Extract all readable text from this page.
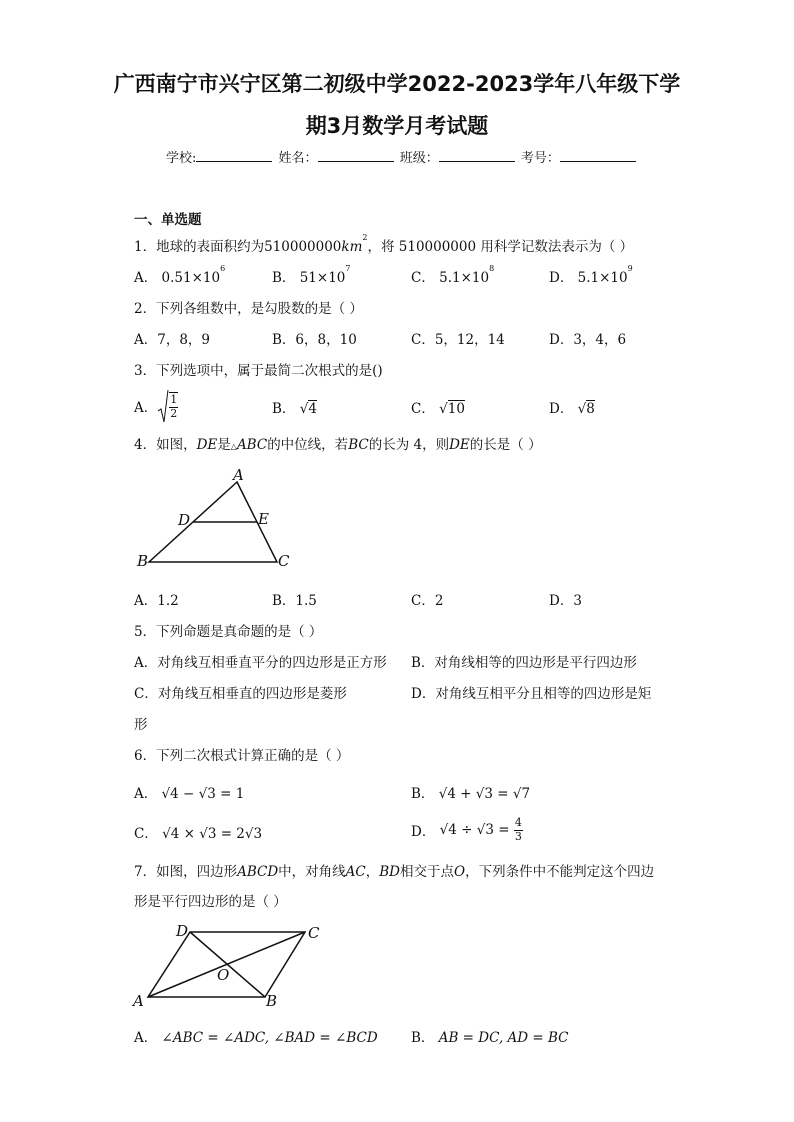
广西南宁市兴宁区第二初级中学2022-2023学年八年级下学
期3月数学月考试题
学校:	姓名：	班级：	考号：
一、单选题
1．地球的表面积约为$510000000km^2$，将 510000000 用科学记数法表示为（ ）
A． $0.51\times 10^6$
B． $51\times 10^7$
C． $5.1\times 10^8$
D． $5.1\times 10^9$
2．下列各组数中，是勾股数的是（ ）
A．7，8，9	B．6，8，10	C．5，12，14	D．3，4，6
3．下列选项中，属于最简二次根式的是()
A． $\frac{1}{2}$	B． √4	C． √10	D． √8
4．如图，DE是△ABC的中位线，若BC的长为 4，则DE的长是（ ）
A
D	E
B	C
A．1.2	B．1.5	C．2	D．3
5．下列命题是真命题的是（ ）
A．对角线互相垂直平分的四边形是正方形 B．对角线相等的四边形是平行四边形
C．对角线互相垂直的四边形是菱形	D．对角线互相平分且相等的四边形是矩
形
6．下列二次根式计算正确的是（ ）
A． √4 − √3 = 1	B． √4 + √3 = √7
C． √4 × √3 = 2√3	D．
√4 ÷ √3 =
$\frac{4}{3}$
7．如图，四边形ABCD中，对角线AC，BD相交于点O，下列条件中不能判定这个四边
形是平行四边形的是（ ）
D	C
O
A	B
A． ∠ABC = ∠ADC, ∠BAD = ∠BCD B． AB = DC, AD = BC
